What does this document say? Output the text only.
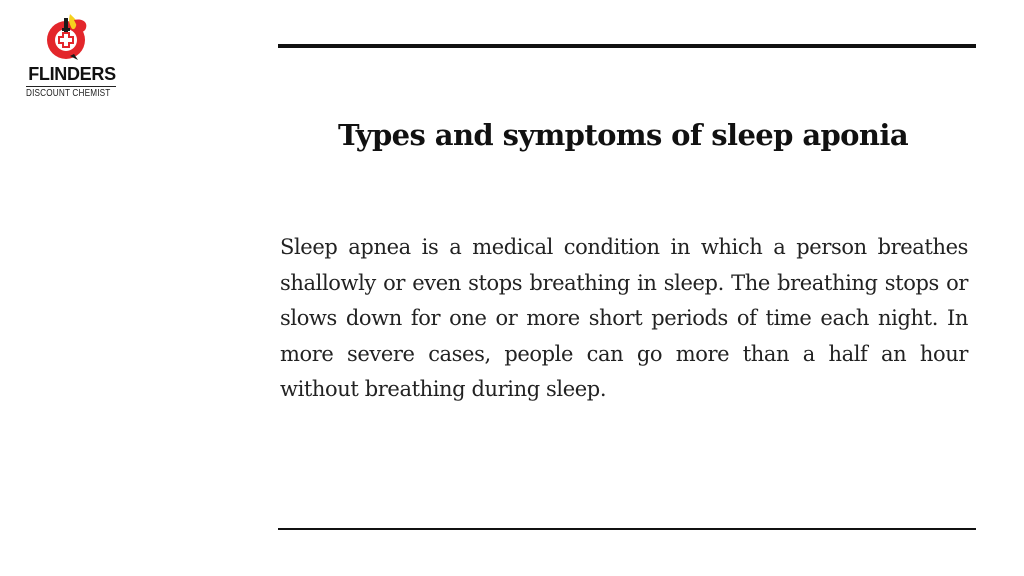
FLINDERS
DISCOUNT CHEMIST
Types and symptoms of sleep aponia

Sleep apnea is a medical condition in which a person breathes shallowly or even stops breathing in sleep. The breathing stops or slows down for one or more short periods of time each night. In more severe cases, people can go more than a half an hour without breathing during sleep.
